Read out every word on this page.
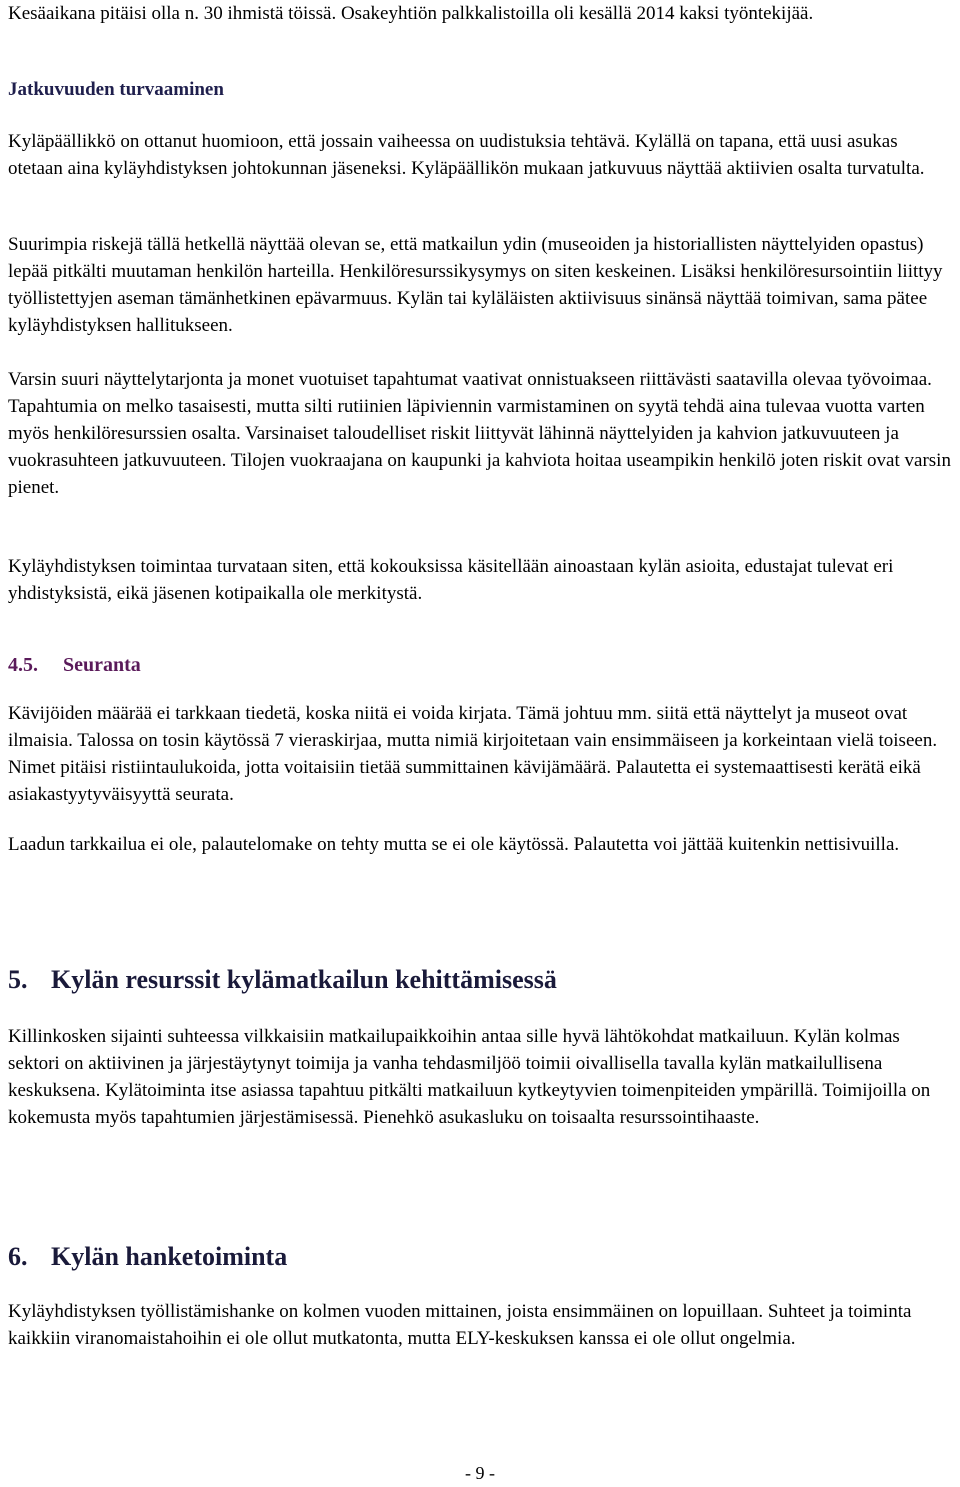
Kesäaikana pitäisi olla n. 30 ihmistä töissä. Osakeyhtiön palkkalistoilla oli kesällä 2014 kaksi työntekijää.

Jatkuvuuden turvaaminen

Kyläpäällikkö on ottanut huomioon, että jossain vaiheessa on uudistuksia tehtävä. Kylällä on tapana, että uusi asukas otetaan aina kyläyhdistyksen johtokunnan jäseneksi. Kyläpäällikön mukaan jatkuvuus näyttää aktiivien osalta turvatulta.

Suurimpia riskejä tällä hetkellä näyttää olevan se, että matkailun ydin (museoiden ja historiallisten näyttelyiden opastus) lepää pitkälti muutaman henkilön harteilla. Henkilöresurssikysymys on siten keskeinen. Lisäksi henkilöresursointiin liittyy työllistettyjen aseman tämänhetkinen epävarmuus. Kylän tai kyläläisten aktiivisuus sinänsä näyttää toimivan, sama pätee kyläyhdistyksen hallitukseen.

Varsin suuri näyttelytarjonta ja monet vuotuiset tapahtumat vaativat onnistuakseen riittävästi saatavilla olevaa työvoimaa. Tapahtumia on melko tasaisesti, mutta silti rutiinien läpiviennin varmistaminen on syytä tehdä aina tulevaa vuotta varten myös henkilöresurssien osalta. Varsinaiset taloudelliset riskit liittyvät lähinnä näyttelyiden ja kahvion jatkuvuuteen ja vuokrasuhteen jatkuvuuteen. Tilojen vuokraajana on kaupunki ja kahviota hoitaa useampikin henkilö joten riskit ovat varsin pienet.

Kyläyhdistyksen toimintaa turvataan siten, että kokouksissa käsitellään ainoastaan kylän asioita, edustajat tulevat eri yhdistyksistä, eikä jäsenen kotipaikalla ole merkitystä.

4.5. Seuranta

Kävijöiden määrää ei tarkkaan tiedetä, koska niitä ei voida kirjata. Tämä johtuu mm. siitä että näyttelyt ja museot ovat ilmaisia. Talossa on tosin käytössä 7 vieraskirjaa, mutta nimiä kirjoitetaan vain ensimmäiseen ja korkeintaan vielä toiseen. Nimet pitäisi ristiintaulukoida, jotta voitaisiin tietää summittainen kävijämäärä. Palautetta ei systemaattisesti kerätä eikä asiakastyytyväisyyttä seurata.

Laadun tarkkailua ei ole, palautelomake on tehty mutta se ei ole käytössä. Palautetta voi jättää kuitenkin nettisivuilla.

5. Kylän resurssit kylämatkailun kehittämisessä

Killinkosken sijainti suhteessa vilkkaisiin matkailupaikkoihin antaa sille hyvä lähtökohdat matkailuun. Kylän kolmas sektori on aktiivinen ja järjestäytynyt toimija ja vanha tehdasmiljöö toimii oivallisella tavalla kylän matkailullisena keskuksena. Kylätoiminta itse asiassa tapahtuu pitkälti matkailuun kytkeytyvien toimenpiteiden ympärillä. Toimijoilla on kokemusta myös tapahtumien järjestämisessä. Pienehkö asukasluku on toisaalta resurssointihaaste.

6. Kylän hanketoiminta

Kyläyhdistyksen työllistämishanke on kolmen vuoden mittainen, joista ensimmäinen on lopuillaan. Suhteet ja toiminta kaikkiin viranomaistahoihin ei ole ollut mutkatonta, mutta ELY-keskuksen kanssa ei ole ollut ongelmia.

- 9 -
